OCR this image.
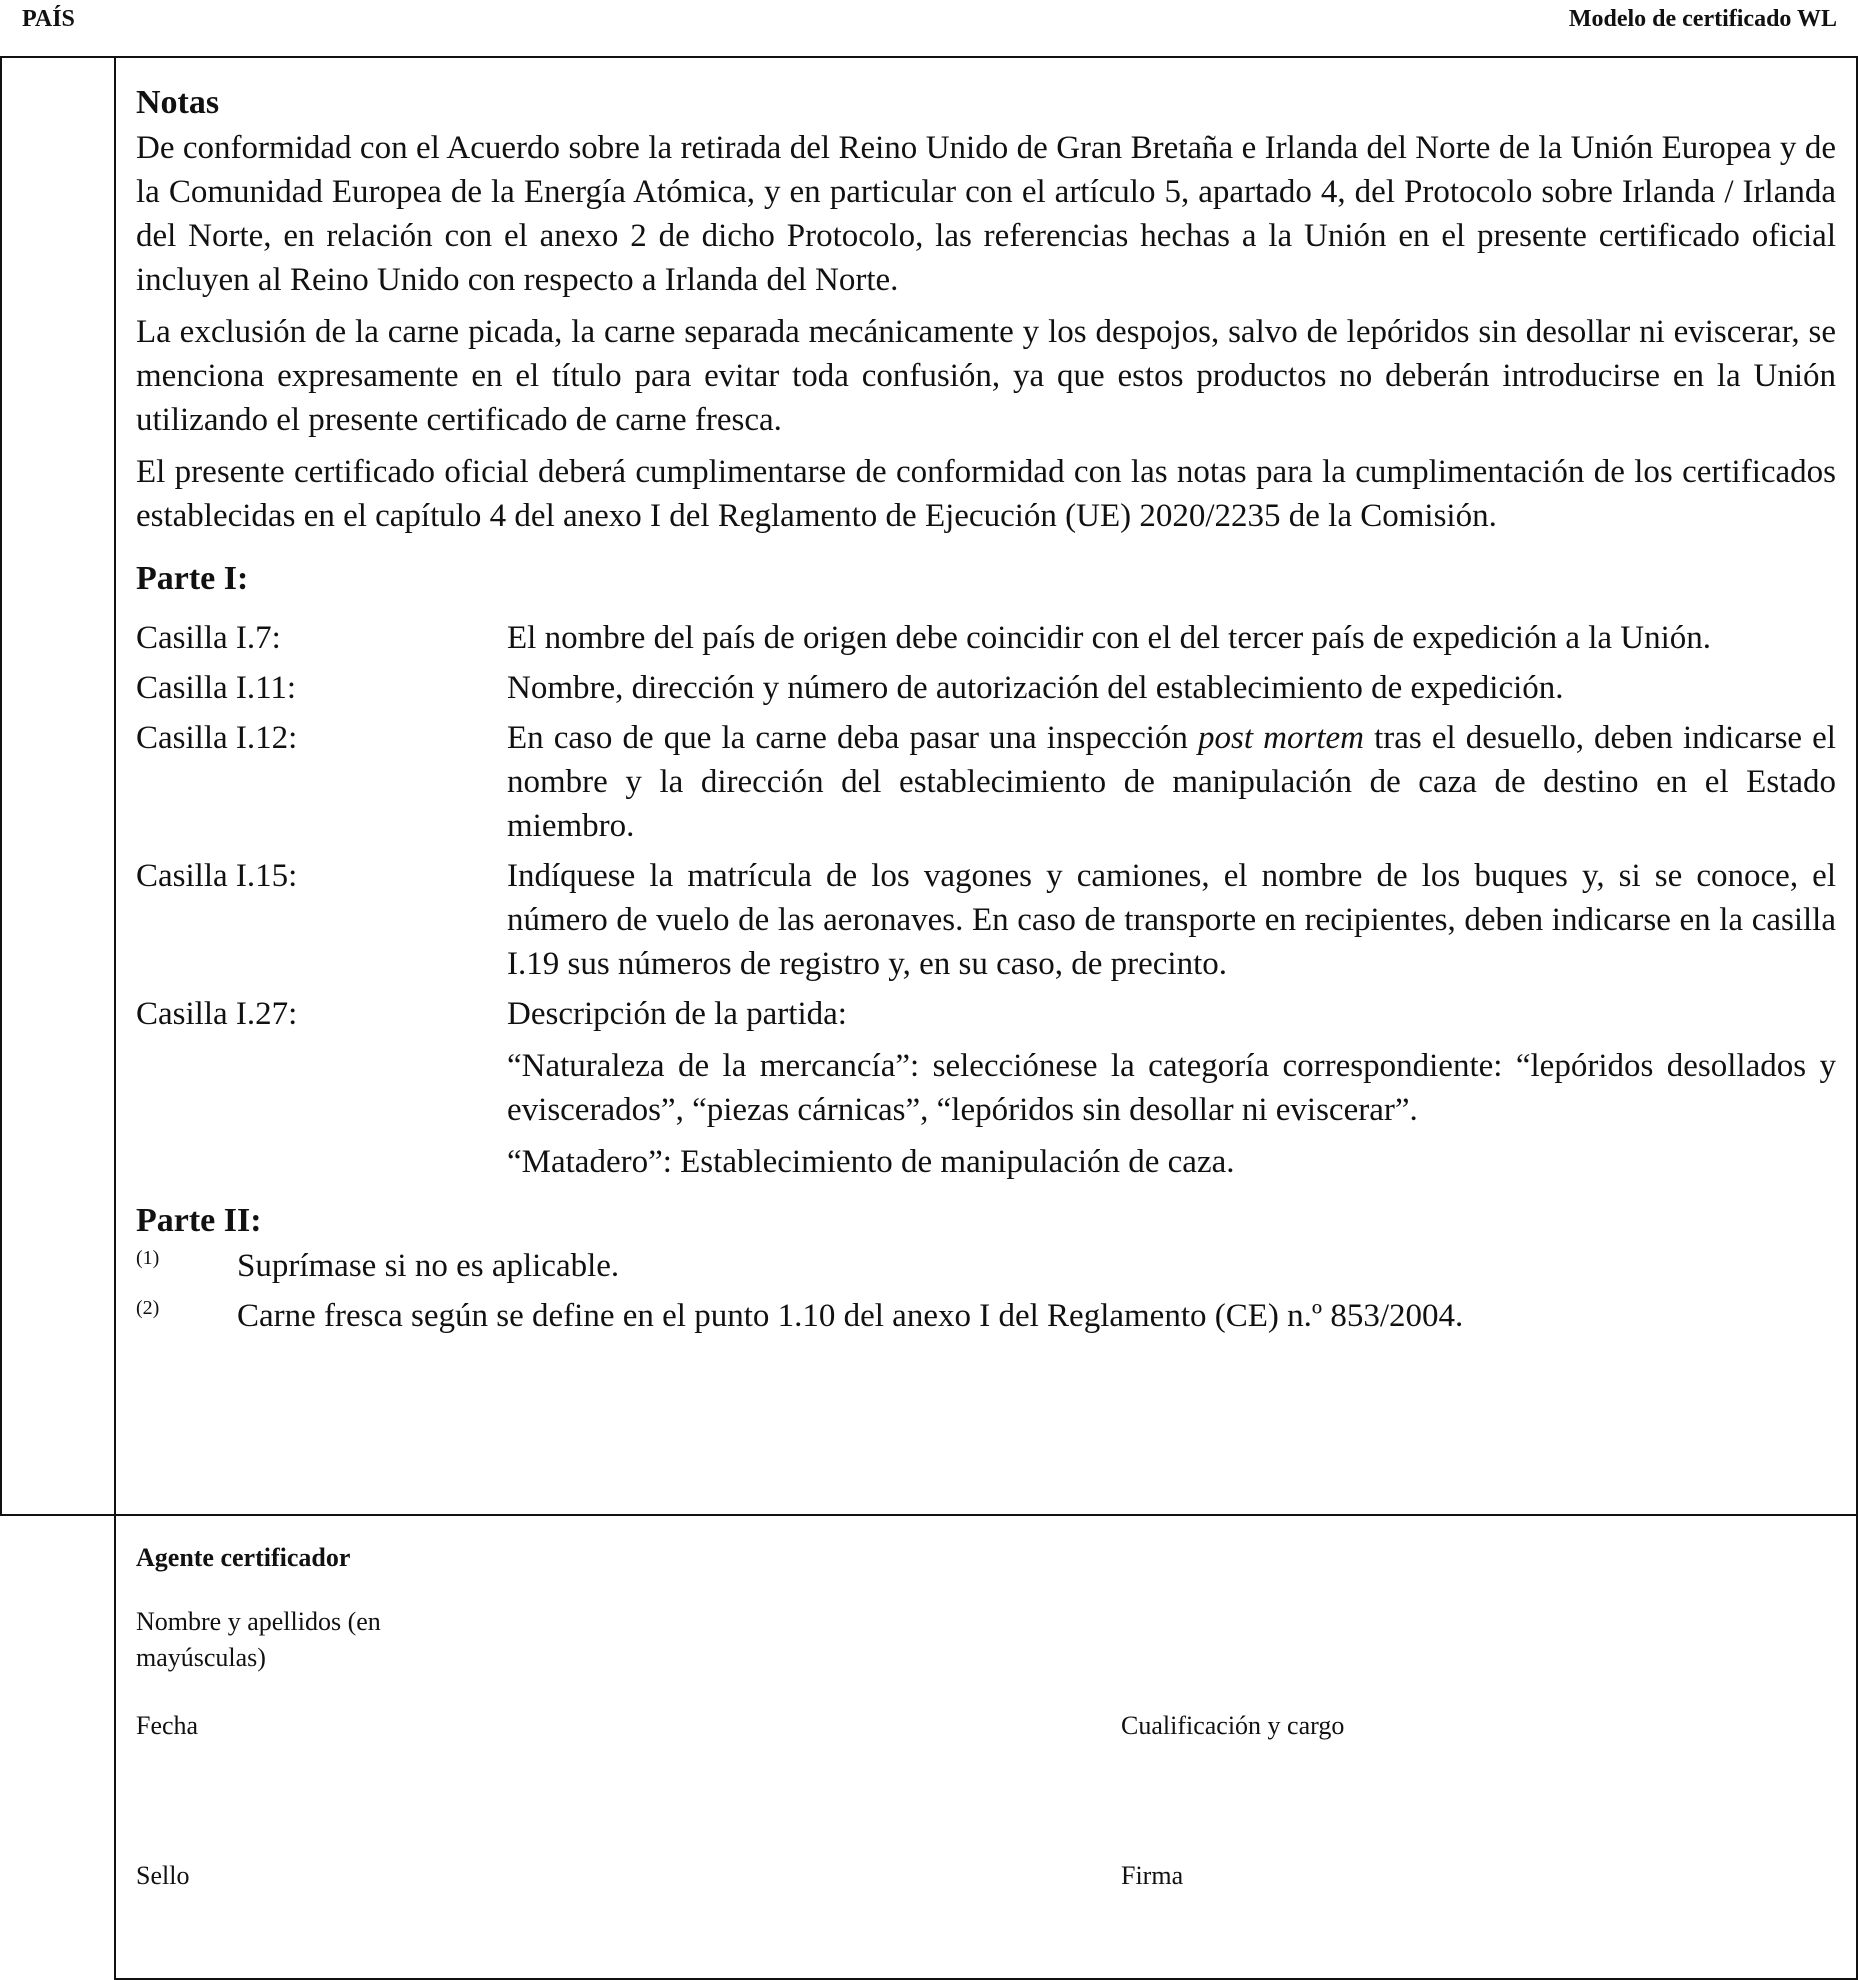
PAÍS	Modelo de certificado WL
Notas
De conformidad con el Acuerdo sobre la retirada del Reino Unido de Gran Bretaña e Irlanda del Norte de la Unión Europea y de la Comunidad Europea de la Energía Atómica, y en particular con el artículo 5, apartado 4, del Protocolo sobre Irlanda / Irlanda del Norte, en relación con el anexo 2 de dicho Protocolo, las referencias hechas a la Unión en el presente certificado oficial incluyen al Reino Unido con respecto a Irlanda del Norte.
La exclusión de la carne picada, la carne separada mecánicamente y los despojos, salvo de lepóridos sin desollar ni eviscerar, se menciona expresamente en el título para evitar toda confusión, ya que estos productos no deberán introducirse en la Unión utilizando el presente certificado de carne fresca.
El presente certificado oficial deberá cumplimentarse de conformidad con las notas para la cumplimentación de los certificados establecidas en el capítulo 4 del anexo I del Reglamento de Ejecución (UE) 2020/2235 de la Comisión.
Parte I:
Casilla I.7:	El nombre del país de origen debe coincidir con el del tercer país de expedición a la Unión.
Casilla I.11:	Nombre, dirección y número de autorización del establecimiento de expedición.
Casilla I.12:	En caso de que la carne deba pasar una inspección post mortem tras el desuello, deben indicarse el nombre y la dirección del establecimiento de manipulación de caza de destino en el Estado miembro.
Casilla I.15:	Indíquese la matrícula de los vagones y camiones, el nombre de los buques y, si se conoce, el número de vuelo de las aeronaves. En caso de transporte en recipientes, deben indicarse en la casilla I.19 sus números de registro y, en su caso, de precinto.
Casilla I.27:	Descripción de la partida:
“Naturaleza de la mercancía”: selecciónese la categoría correspondiente: “lepóridos desollados y eviscerados”, “piezas cárnicas”, “lepóridos sin desollar ni eviscerar”.
“Matadero”: Establecimiento de manipulación de caza.
Parte II:
(1)	Suprímase si no es aplicable.
(2)	Carne fresca según se define en el punto 1.10 del anexo I del Reglamento (CE) n.º 853/2004.
Agente certificador
Nombre y apellidos (en mayúsculas)
Fecha	Cualificación y cargo
Sello	Firma
